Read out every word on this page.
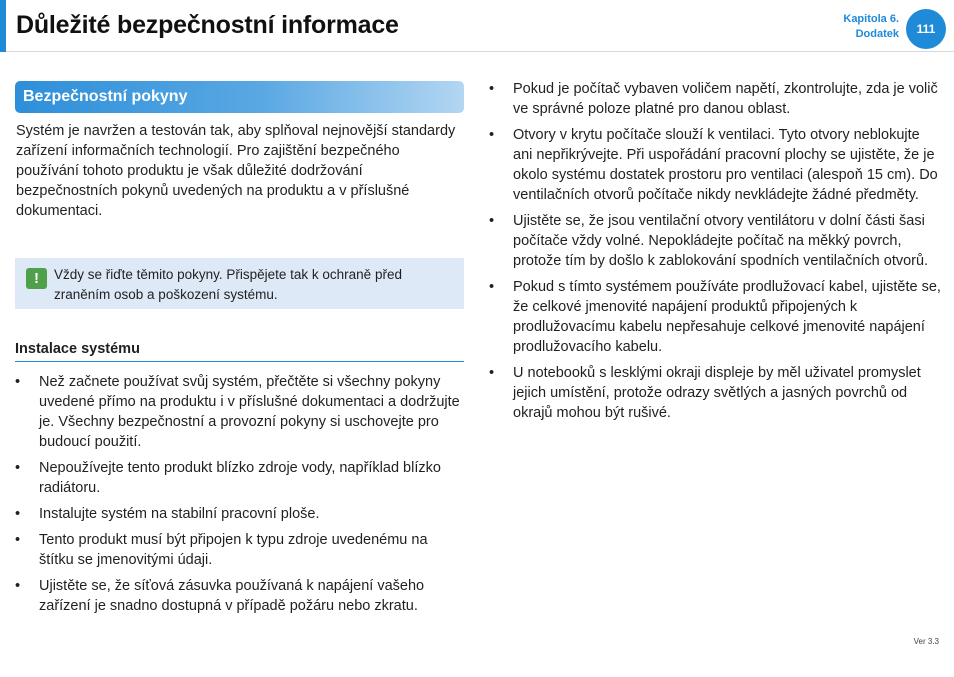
Důležité bezpečnostní informace	Kapitola 6.
Dodatek	111
Bezpečnostní pokyny

Systém je navržen a testován tak, aby splňoval nejnovější standardy zařízení informačních technologií. Pro zajištění bezpečného používání tohoto produktu je však důležité dodržování bezpečnostních pokynů uvedených na produktu a v příslušné dokumentaci.

!	Vždy se řiďte těmito pokyny. Přispějete tak k ochraně před zraněním osob a poškození systému.
Instalace systému
• Než začnete používat svůj systém, přečtěte si všechny pokyny uvedené přímo na produktu i v příslušné dokumentaci a dodržujte je. Všechny bezpečnostní a provozní pokyny si uschovejte pro budoucí použití.
• Nepoužívejte tento produkt blízko zdroje vody, například blízko radiátoru.
• Instalujte systém na stabilní pracovní ploše.
• Tento produkt musí být připojen k typu zdroje uvedenému na štítku se jmenovitými údaji.
• Ujistěte se, že síťová zásuvka používaná k napájení vašeho zařízení je snadno dostupná v případě požáru nebo zkratu.
• Pokud je počítač vybaven voličem napětí, zkontrolujte, zda je volič ve správné poloze platné pro danou oblast.
• Otvory v krytu počítače slouží k ventilaci. Tyto otvory neblokujte ani nepřikrývejte. Při uspořádání pracovní plochy se ujistěte, že je okolo systému dostatek prostoru pro ventilaci (alespoň 15 cm). Do ventilačních otvorů počítače nikdy nevkládejte žádné předměty.
• Ujistěte se, že jsou ventilační otvory ventilátoru v dolní části šasi počítače vždy volné. Nepokládejte počítač na měkký povrch, protože tím by došlo k zablokování spodních ventilačních otvorů.
• Pokud s tímto systémem používáte prodlužovací kabel, ujistěte se, že celkové jmenovité napájení produktů připojených k prodlužovacímu kabelu nepřesahuje celkové jmenovité napájení prodlužovacího kabelu.
• U notebooků s lesklými okraji displeje by měl uživatel promyslet jejich umístění, protože odrazy světlých a jasných povrchů od okrajů mohou být rušivé.
Ver 3.3
